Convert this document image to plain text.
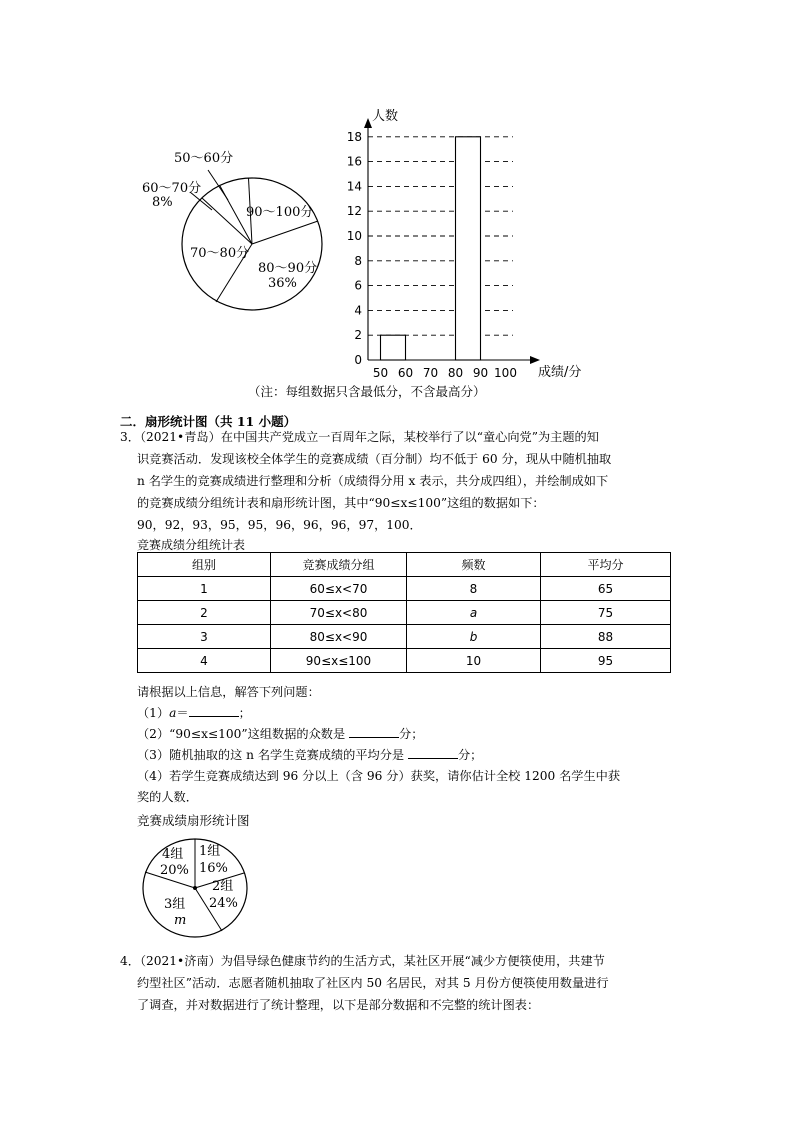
50～60分
60～70分
8%
90～100分
70～80分
80～90分
36%
人数
成绩/分
0
2
4
6
8
10
12
14
16
18
50 60 70 80 90 100
（注：每组数据只含最低分，不含最高分）
二．扇形统计图（共 11 小题）
3．（2021•青岛）在中国共产党成立一百周年之际，某校举行了以“童心向党”为主题的知
识竞赛活动．发现该校全体学生的竞赛成绩（百分制）均不低于 60 分，现从中随机抽取
n 名学生的竞赛成绩进行整理和分析（成绩得分用 x 表示，共分成四组），并绘制成如下
的竞赛成绩分组统计表和扇形统计图，其中“90≤x≤100”这组的数据如下：
90，92，93，95，95，96，96，96，97，100．
竞赛成绩分组统计表
组别	竞赛成绩分组	频数	平均分
1	60≤x<70	8	65
2	70≤x<80	a	75
3	80≤x<90	b	88
4	90≤x≤100	10	95
请根据以上信息，解答下列问题：
（1）a＝	；
（2）“90≤x≤100”这组数据的众数是	分；
（3）随机抽取的这 n 名学生竞赛成绩的平均分是	分；
（4）若学生竞赛成绩达到 96 分以上（含 96 分）获奖，请你估计全校 1200 名学生中获
奖的人数．
竞赛成绩扇形统计图
4组
20%
1组
16%
2组
24%
3组
m
4．（2021•济南）为倡导绿色健康节约的生活方式，某社区开展“减少方便筷使用，共建节
约型社区”活动．志愿者随机抽取了社区内 50 名居民，对其 5 月份方便筷使用数量进行
了调查，并对数据进行了统计整理，以下是部分数据和不完整的统计图表：
